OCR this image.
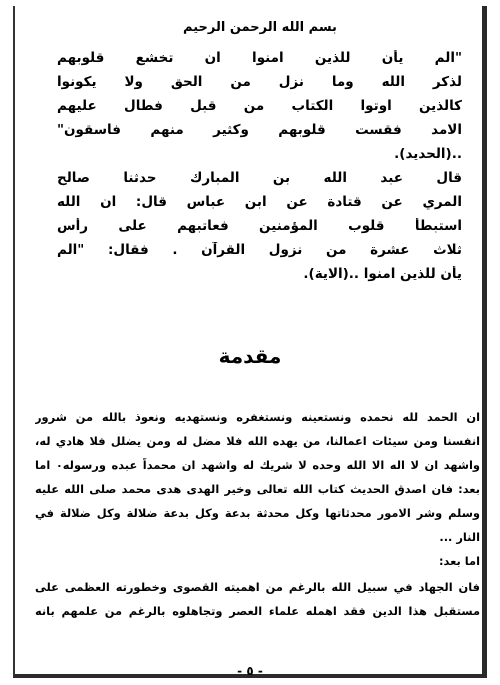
بسم الله الرحمن الرحيم

"الم يأن للذين امنوا ان تخشع قلوبهم

لذكر الله وما نزل من الحق ولا يكونوا

كالذين اوتوا الكتاب من قبل فطال عليهم

الامد فقست قلوبهم وكثير منهم فاسقون"

..(الحديد).

قال عبد الله بن المبارك حدثنا صالح

المري عن قتادة عن ابن عباس قال: ان الله

استبطأ قلوب المؤمنين فعاتبهم على رأس

ثلاث عشرة من نزول القرآن . فقال: "الم

يأن للذين امنوا ..(الاية).

مقدمة

ان الحمد لله نحمده ونستعينه ونستغفره ونستهديه ونعوذ بالله من شرور

انفسنا ومن سيئات اعمالنا، من يهده الله فلا مضل له ومن يضلل فلا هادي له،

واشهد ان لا اله الا الله وحده لا شريك له واشهد ان محمداً عبده ورسوله٠ اما

بعد: فان اصدق الحديث كتاب الله تعالى وخير الهدى هدى محمد صلى الله عليه

وسلم وشر الامور محدثاتها وكل محدثة بدعة وكل بدعة ضلالة وكل ضلالة في

النار ...

اما بعد:

فان الجهاد في سبيل الله بالرغم من اهميته القصوى وخطورته العظمى على

مستقبل هذا الدين فقد اهمله علماء العصر وتجاهلوه بالرغم من علمهم بانه

- ٥ -
